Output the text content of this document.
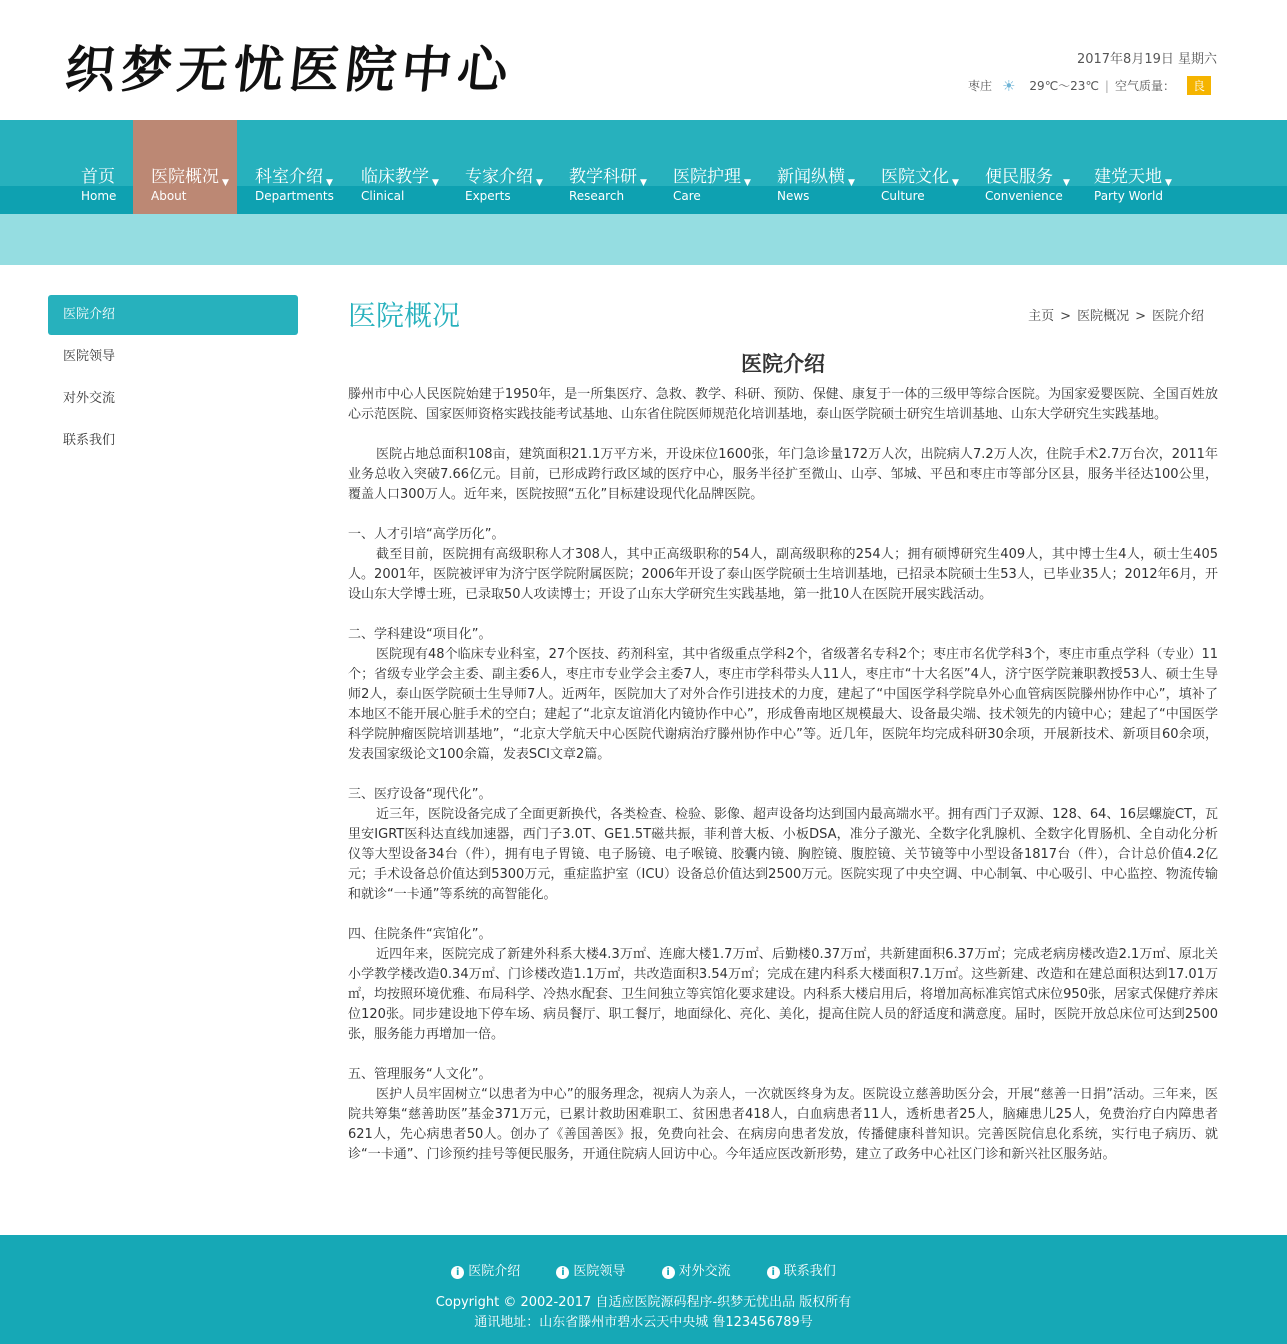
织梦无忧医院中心	2017年8月19日 星期六
枣庄 ☀ 29℃～23℃ | 空气质量：	良
首页
Home
医院概况 ▼
About
科室介绍 ▼
Departments
临床教学 ▼
Clinical
专家介绍 ▼
Experts
教学科研 ▼
Research
医院护理 ▼
Care
新闻纵横 ▼
News
医院文化 ▼
Culture
便民服务 ▼
Convenience
建党天地 ▼
Party World
医院介绍
医院领导
对外交流
联系我们
医院概况	主页 > 医院概况 > 医院介绍
医院介绍

滕州市中心人民医院始建于1950年，是一所集医疗、急救、教学、科研、预防、保健、康复于一体的三级甲等综合医院。为国家爱婴医院、全国百姓放心示范医院、国家医师资格实践技能考试基地、山东省住院医师规范化培训基地，泰山医学院硕士研究生培训基地、山东大学研究生实践基地。

医院占地总面积108亩，建筑面积21.1万平方米，开设床位1600张，年门急诊量172万人次，出院病人7.2万人次，住院手术2.7万台次，2011年业务总收入突破7.66亿元。目前，已形成跨行政区域的医疗中心，服务半径扩至微山、山亭、邹城、平邑和枣庄市等部分区县，服务半径达100公里，覆盖人口300万人。近年来，医院按照“五化”目标建设现代化品牌医院。

一、人才引培“高学历化”。

截至目前，医院拥有高级职称人才308人，其中正高级职称的54人，副高级职称的254人；拥有硕博研究生409人，其中博士生4人，硕士生405人。2001年，医院被评审为济宁医学院附属医院；2006年开设了泰山医学院硕士生培训基地，已招录本院硕士生53人，已毕业35人；2012年6月，开设山东大学博士班，已录取50人攻读博士；开设了山东大学研究生实践基地，第一批10人在医院开展实践活动。

二、学科建设“项目化”。

医院现有48个临床专业科室，27个医技、药剂科室，其中省级重点学科2个，省级著名专科2个；枣庄市名优学科3个，枣庄市重点学科（专业）11个；省级专业学会主委、副主委6人，枣庄市专业学会主委7人，枣庄市学科带头人11人，枣庄市“十大名医”4人，济宁医学院兼职教授53人、硕士生导师2人，泰山医学院硕士生导师7人。近两年，医院加大了对外合作引进技术的力度，建起了“中国医学科学院阜外心血管病医院滕州协作中心”，填补了本地区不能开展心脏手术的空白；建起了“北京友谊消化内镜协作中心”，形成鲁南地区规模最大、设备最尖端、技术领先的内镜中心；建起了“中国医学科学院肿瘤医院培训基地”，“北京大学航天中心医院代谢病治疗滕州协作中心”等。近几年，医院年均完成科研30余项，开展新技术、新项目60余项，发表国家级论文100余篇，发表SCI文章2篇。

三、医疗设备“现代化”。

近三年，医院设备完成了全面更新换代，各类检查、检验、影像、超声设备均达到国内最高端水平。拥有西门子双源、128、64、16层螺旋CT，瓦里安IGRT医科达直线加速器，西门子3.0T、GE1.5T磁共振，菲利普大板、小板DSA，准分子激光、全数字化乳腺机、全数字化胃肠机、全自动化分析仪等大型设备34台（件），拥有电子胃镜、电子肠镜、电子喉镜、胶囊内镜、胸腔镜、腹腔镜、关节镜等中小型设备1817台（件），合计总价值4.2亿元；手术设备总价值达到5300万元，重症监护室（ICU）设备总价值达到2500万元。医院实现了中央空调、中心制氧、中心吸引、中心监控、物流传输和就诊“一卡通”等系统的高智能化。

四、住院条件“宾馆化”。

近四年来，医院完成了新建外科系大楼4.3万㎡、连廊大楼1.7万㎡、后勤楼0.37万㎡，共新建面积6.37万㎡；完成老病房楼改造2.1万㎡、原北关小学教学楼改造0.34万㎡、门诊楼改造1.1万㎡，共改造面积3.54万㎡；完成在建内科系大楼面积7.1万㎡。这些新建、改造和在建总面积达到17.01万㎡，均按照环境优雅、布局科学、冷热水配套、卫生间独立等宾馆化要求建设。内科系大楼启用后，将增加高标准宾馆式床位950张，居家式保健疗养床位120张。同步建设地下停车场、病员餐厅、职工餐厅，地面绿化、亮化、美化，提高住院人员的舒适度和满意度。届时，医院开放总床位可达到2500张，服务能力再增加一倍。

五、管理服务“人文化”。

医护人员牢固树立“以患者为中心”的服务理念，视病人为亲人，一次就医终身为友。医院设立慈善助医分会，开展“慈善一日捐”活动。三年来，医院共筹集“慈善助医”基金371万元，已累计救助困难职工、贫困患者418人，白血病患者11人，透析患者25人，脑瘫患儿25人，免费治疗白内障患者621人，先心病患者50人。创办了《善国善医》报，免费向社会、在病房向患者发放，传播健康科普知识。完善医院信息化系统，实行电子病历、就诊“一卡通”、门诊预约挂号等便民服务，开通住院病人回访中心。今年适应医改新形势，建立了政务中心社区门诊和新兴社区服务站。

i 医院介绍	i 医院领导	i 对外交流	i 联系我们
Copyright © 2002-2017 自适应医院源码程序-织梦无忧出品 版权所有
通讯地址：山东省滕州市碧水云天中央城 鲁123456789号
